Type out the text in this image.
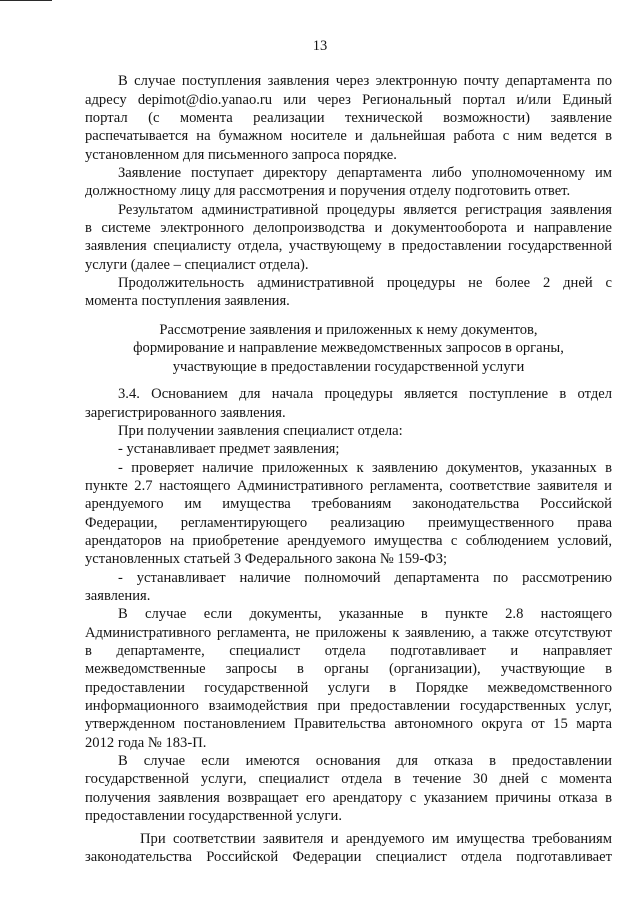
13
В случае поступления заявления через электронную почту департамента по
адресу depimot@dio.yanao.ru или через Региональный портал и/или Единый
портал (с момента реализации технической возможности) заявление
распечатывается на бумажном носителе и дальнейшая работа с ним ведется в
установленном для письменного запроса порядке.
Заявление поступает директору департамента либо уполномоченному им
должностному лицу для рассмотрения и поручения отделу подготовить ответ.
Результатом административной процедуры является регистрация заявления
в системе электронного делопроизводства и документооборота и направление
заявления специалисту отдела, участвующему в предоставлении государственной
услуги (далее – специалист отдела).
Продолжительность административной процедуры не более 2 дней с
момента поступления заявления.
Рассмотрение заявления и приложенных к нему документов,
формирование и направление межведомственных запросов в органы,
участвующие в предоставлении государственной услуги
3.4. Основанием для начала процедуры является поступление в отдел
зарегистрированного заявления.
При получении заявления специалист отдела:
- устанавливает предмет заявления;
- проверяет наличие приложенных к заявлению документов, указанных в
пункте 2.7 настоящего Административного регламента, соответствие заявителя и
арендуемого им имущества требованиям законодательства Российской
Федерации, регламентирующего реализацию преимущественного права
арендаторов на приобретение арендуемого имущества с соблюдением условий,
установленных статьей 3 Федерального закона № 159-ФЗ;
- устанавливает наличие полномочий департамента по рассмотрению
заявления.
В случае если документы, указанные в пункте 2.8 настоящего
Административного регламента, не приложены к заявлению, а также отсутствуют
в департаменте, специалист отдела подготавливает и направляет
межведомственные запросы в органы (организации), участвующие в
предоставлении государственной услуги в Порядке межведомственного
информационного взаимодействия при предоставлении государственных услуг,
утвержденном постановлением Правительства автономного округа от 15 марта
2012 года № 183-П.
В случае если имеются основания для отказа в предоставлении
государственной услуги, специалист отдела в течение 30 дней с момента
получения заявления возвращает его арендатору с указанием причины отказа в
предоставлении государственной услуги.
При соответствии заявителя и арендуемого им имущества требованиям
законодательства Российской Федерации специалист отдела подготавливает
